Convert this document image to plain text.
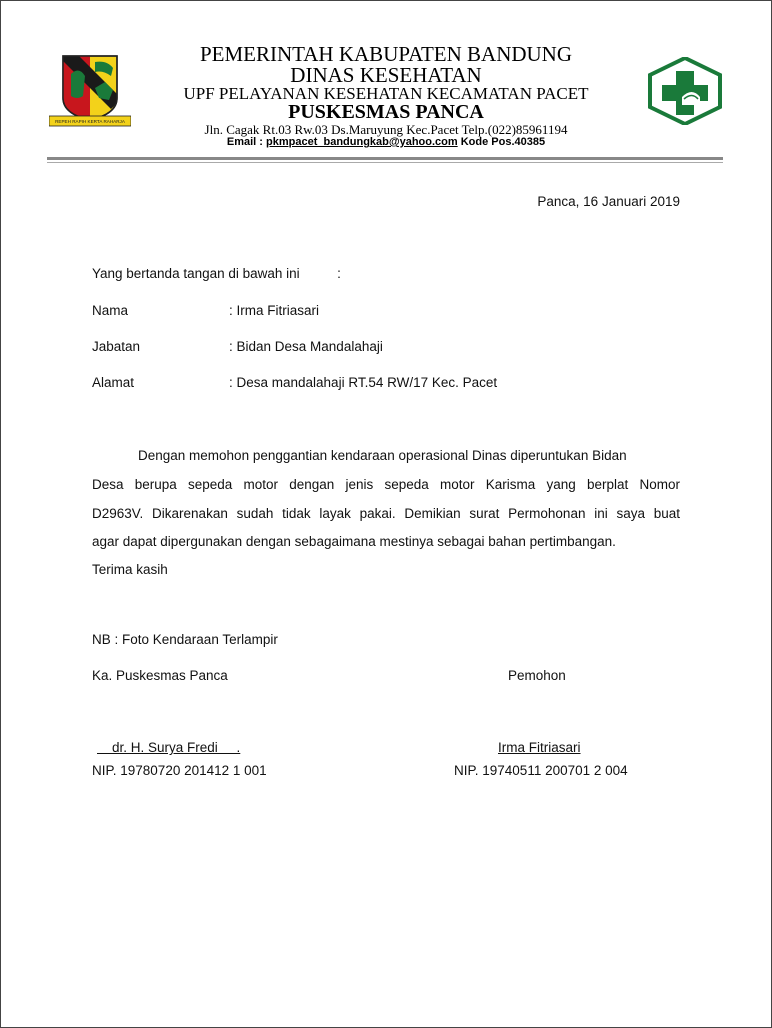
REPEH RAPIH KERTA RAHARJA
PEMERINTAH KABUPATEN BANDUNG
DINAS KESEHATAN
UPF PELAYANAN KESEHATAN KECAMATAN PACET
PUSKESMAS PANCA
Jln. Cagak Rt.03 Rw.03 Ds.Maruyung Kec.Pacet Telp.(022)85961194
Email : pkmpacet_bandungkab@yahoo.com Kode Pos.40385
Panca, 16 Januari 2019
Yang bertanda tangan di bawah ini          :
Nama	: Irma Fitriasari
Jabatan	: Bidan Desa Mandalahaji
Alamat	: Desa mandalahaji RT.54 RW/17 Kec. Pacet
Dengan memohon penggantian kendaraan operasional Dinas diperuntukan Bidan
Desa berupa sepeda motor dengan jenis sepeda motor Karisma yang berplat Nomor
D2963V. Dikarenakan sudah tidak layak pakai. Demikian surat Permohonan ini saya buat
agar dapat dipergunakan dengan sebagaimana mestinya sebagai bahan pertimbangan.
Terima kasih
NB : Foto Kendaraan Terlampir
Ka. Puskesmas Panca	Pemohon
dr. H. Surya Fredi     .	Irma Fitriasari
NIP. 19780720 201412 1 001	NIP. 19740511 200701 2 004
